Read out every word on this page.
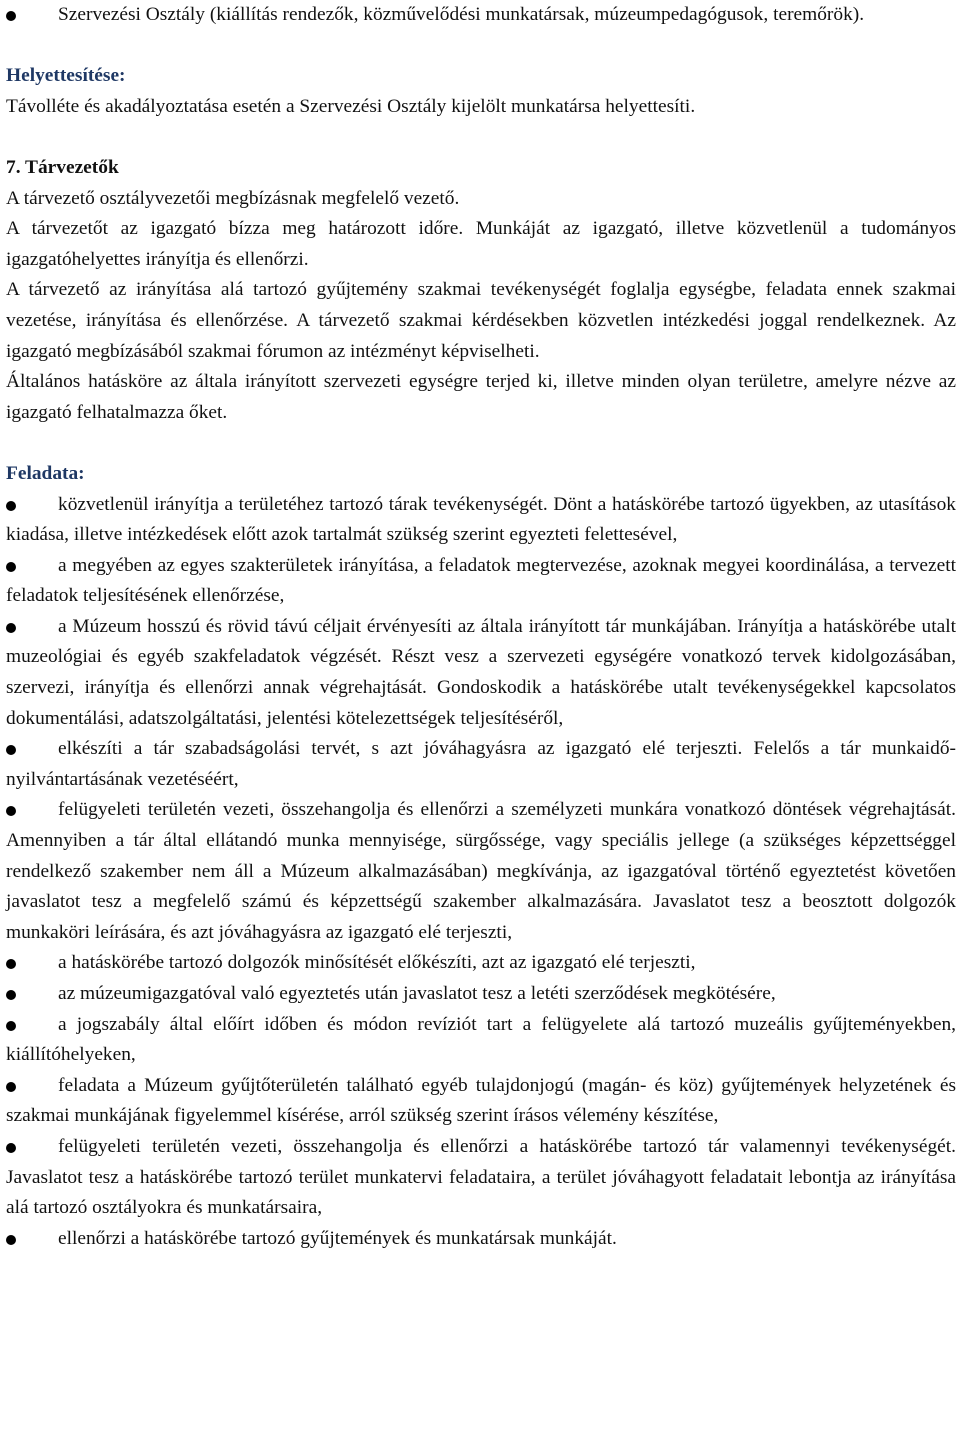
Szervezési Osztály (kiállítás rendezők, közművelődési munkatársak, múzeumpedagógusok, teremőrök).

Helyettesítése:

Távolléte és akadályoztatása esetén a Szervezési Osztály kijelölt munkatársa helyettesíti.

7. Tárvezetők

A tárvezető osztályvezetői megbízásnak megfelelő vezető.

A tárvezetőt az igazgató bízza meg határozott időre. Munkáját az igazgató, illetve közvetlenül a tudományos igazgatóhelyettes irányítja és ellenőrzi.

A tárvezető az irányítása alá tartozó gyűjtemény szakmai tevékenységét foglalja egységbe, feladata ennek szakmai vezetése, irányítása és ellenőrzése. A tárvezető szakmai kérdésekben közvetlen intézkedési joggal rendelkeznek. Az igazgató megbízásából szakmai fórumon az intézményt képviselheti.

Általános hatásköre az általa irányított szervezeti egységre terjed ki, illetve minden olyan területre, amelyre nézve az igazgató felhatalmazza őket.

Feladata:

közvetlenül irányítja a területéhez tartozó tárak tevékenységét. Dönt a hatáskörébe tartozó ügyekben, az utasítások kiadása, illetve intézkedések előtt azok tartalmát szükség szerint egyezteti felettesével,

a megyében az egyes szakterületek irányítása, a feladatok megtervezése, azoknak megyei koordinálása, a tervezett feladatok teljesítésének ellenőrzése,

a Múzeum hosszú és rövid távú céljait érvényesíti az általa irányított tár munkájában. Irányítja a hatáskörébe utalt muzeológiai és egyéb szakfeladatok végzését. Részt vesz a szervezeti egységére vonatkozó tervek kidolgozásában, szervezi, irányítja és ellenőrzi annak végrehajtását. Gondoskodik a hatáskörébe utalt tevékenységekkel kapcsolatos dokumentálási, adatszolgáltatási, jelentési kötelezettségek teljesítéséről,

elkészíti a tár szabadságolási tervét, s azt jóváhagyásra az igazgató elé terjeszti. Felelős a tár munkaidő-nyilvántartásának vezetéséért,

felügyeleti területén vezeti, összehangolja és ellenőrzi a személyzeti munkára vonatkozó döntések végrehajtását. Amennyiben a tár által ellátandó munka mennyisége, sürgőssége, vagy speciális jellege (a szükséges képzettséggel rendelkező szakember nem áll a Múzeum alkalmazásában) megkívánja, az igazgatóval történő egyeztetést követően javaslatot tesz a megfelelő számú és képzettségű szakember alkalmazására. Javaslatot tesz a beosztott dolgozók munkaköri leírására, és azt jóváhagyásra az igazgató elé terjeszti,

a hatáskörébe tartozó dolgozók minősítését előkészíti, azt az igazgató elé terjeszti,

az múzeumigazgatóval való egyeztetés után javaslatot tesz a letéti szerződések megkötésére,

a jogszabály által előírt időben és módon revíziót tart a felügyelete alá tartozó muzeális gyűjteményekben, kiállítóhelyeken,

feladata a Múzeum gyűjtőterületén található egyéb tulajdonjogú (magán- és köz) gyűjtemények helyzetének és szakmai munkájának figyelemmel kísérése, arról szükség szerint írásos vélemény készítése,

felügyeleti területén vezeti, összehangolja és ellenőrzi a hatáskörébe tartozó tár valamennyi tevékenységét. Javaslatot tesz a hatáskörébe tartozó terület munkatervi feladataira, a terület jóváhagyott feladatait lebontja az irányítása alá tartozó osztályokra és munkatársaira,

ellenőrzi a hatáskörébe tartozó gyűjtemények és munkatársak munkáját.
